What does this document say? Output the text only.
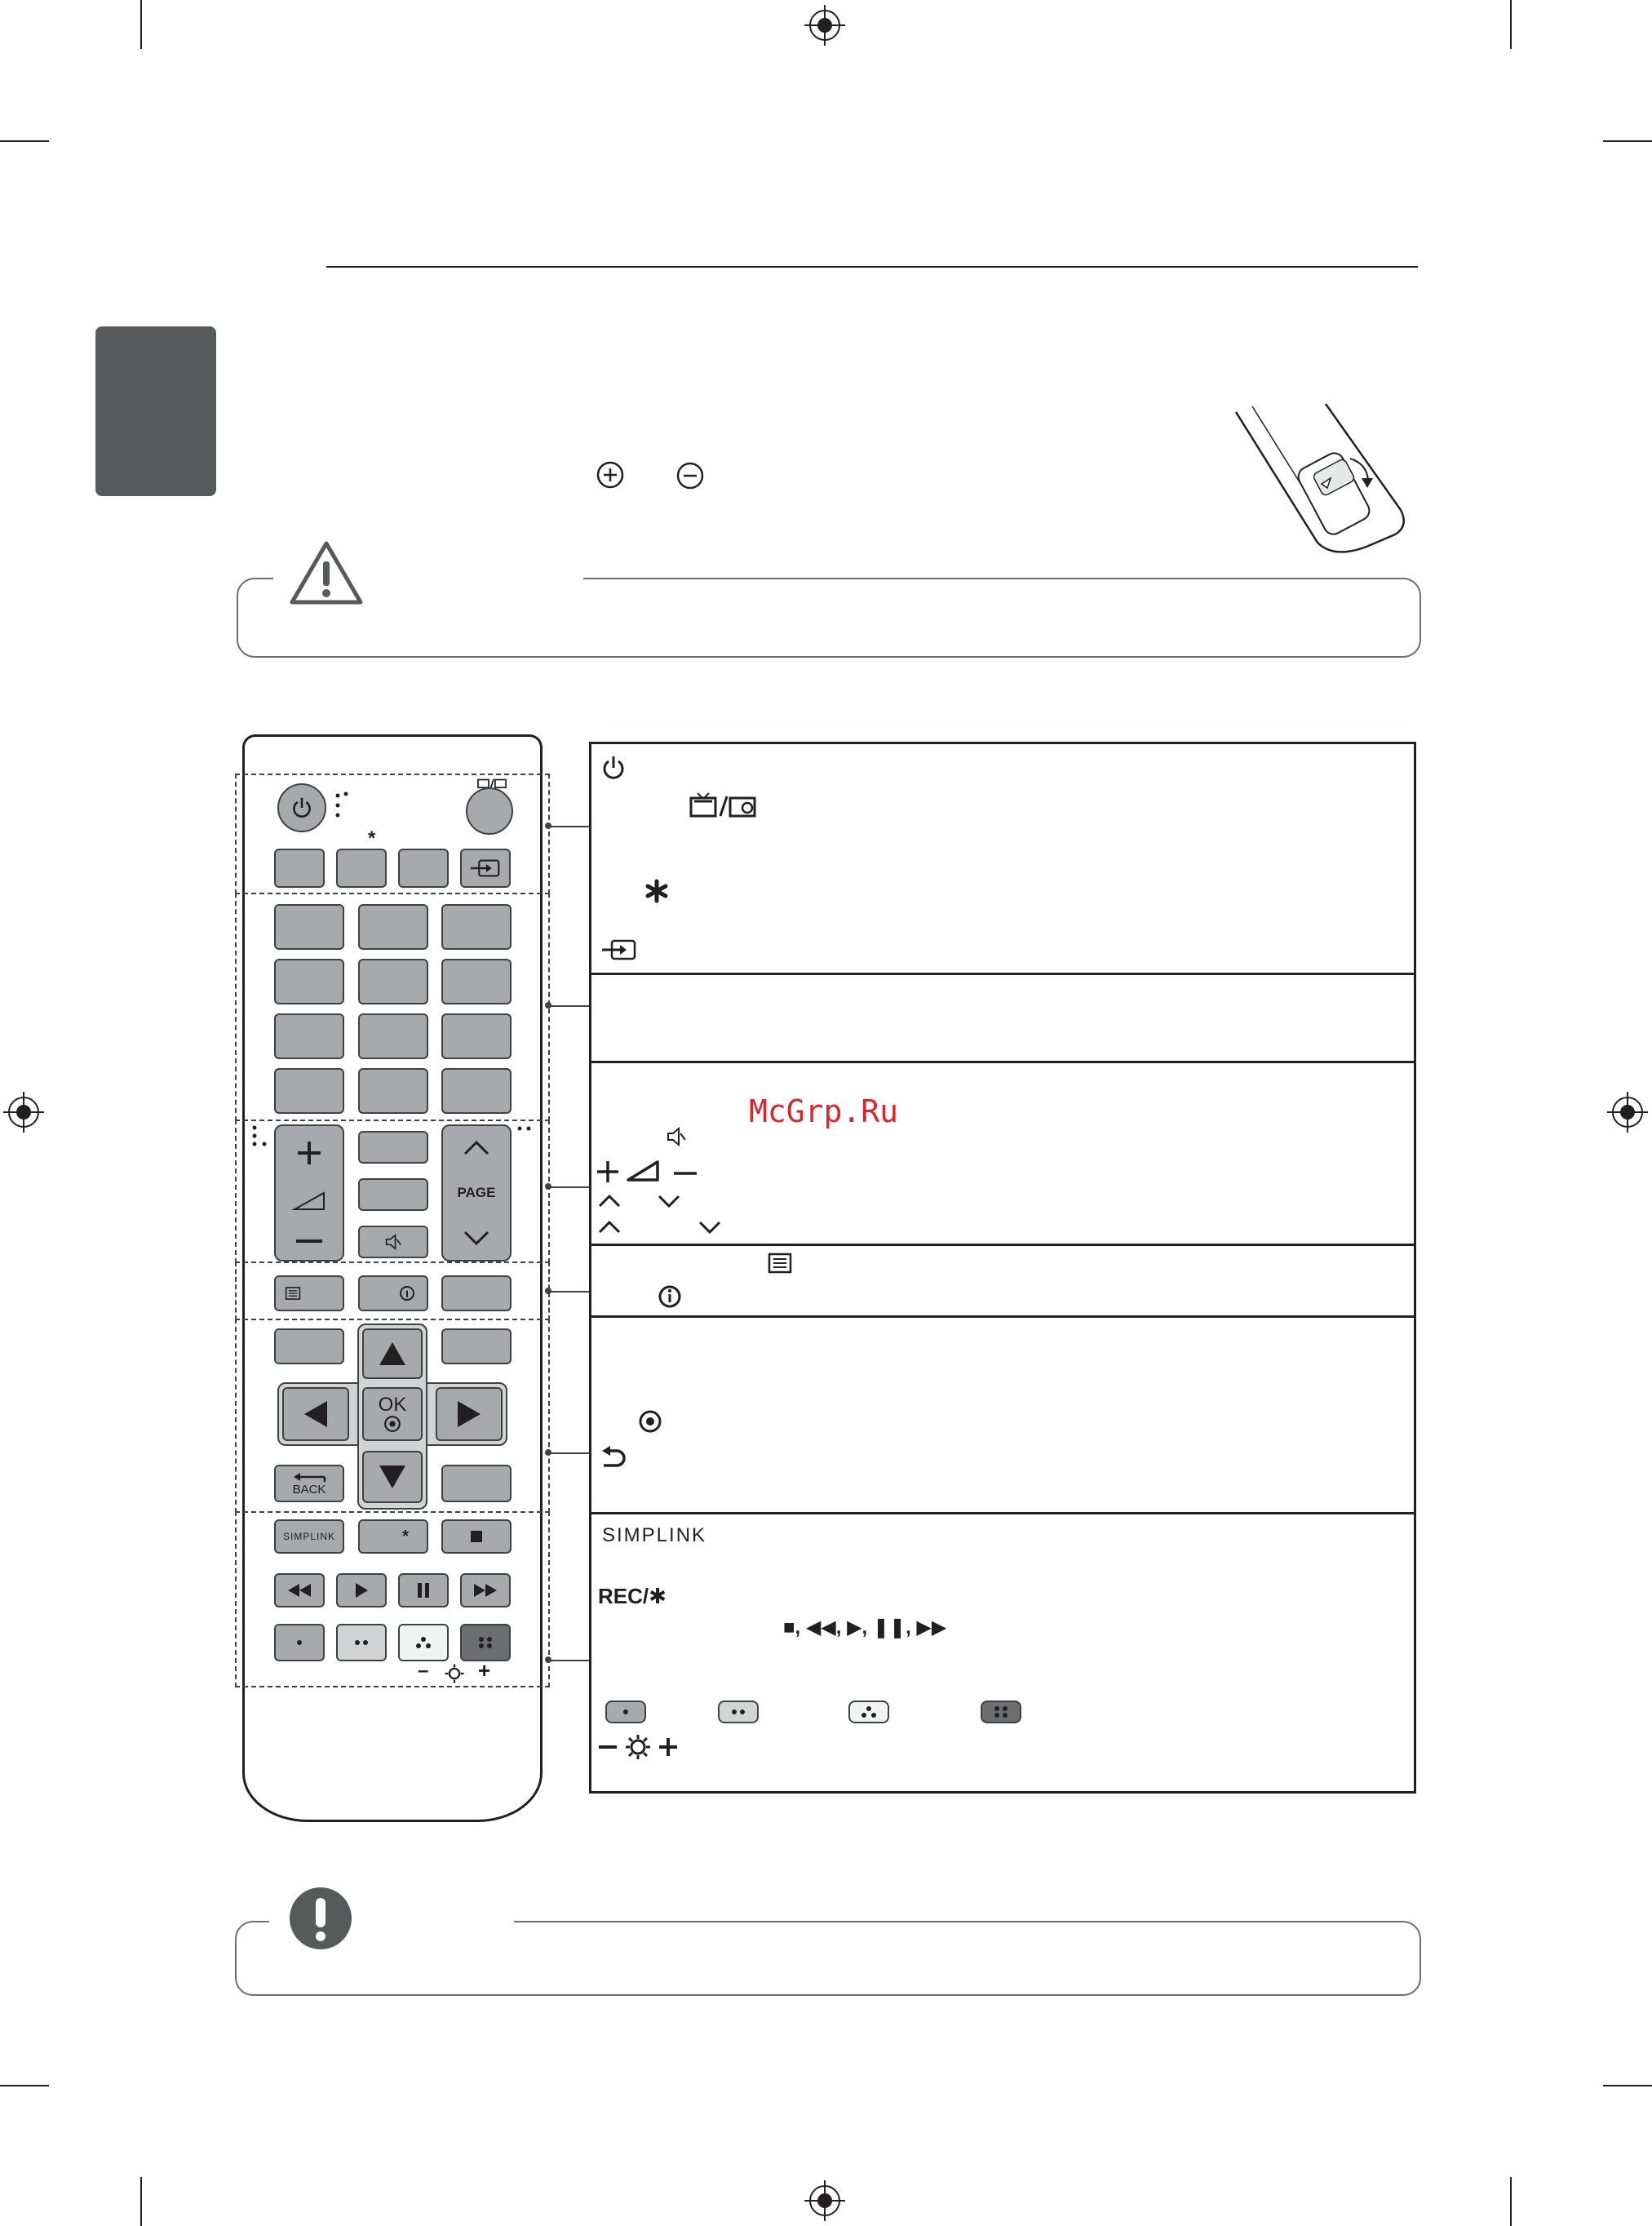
SIMPLINK
REC/✱
■, ◀◀, ▶, ❚❚, ▶▶
*
PAGE
OK
BACK
SIMPLINK	*
– +
McGrp.Ru
